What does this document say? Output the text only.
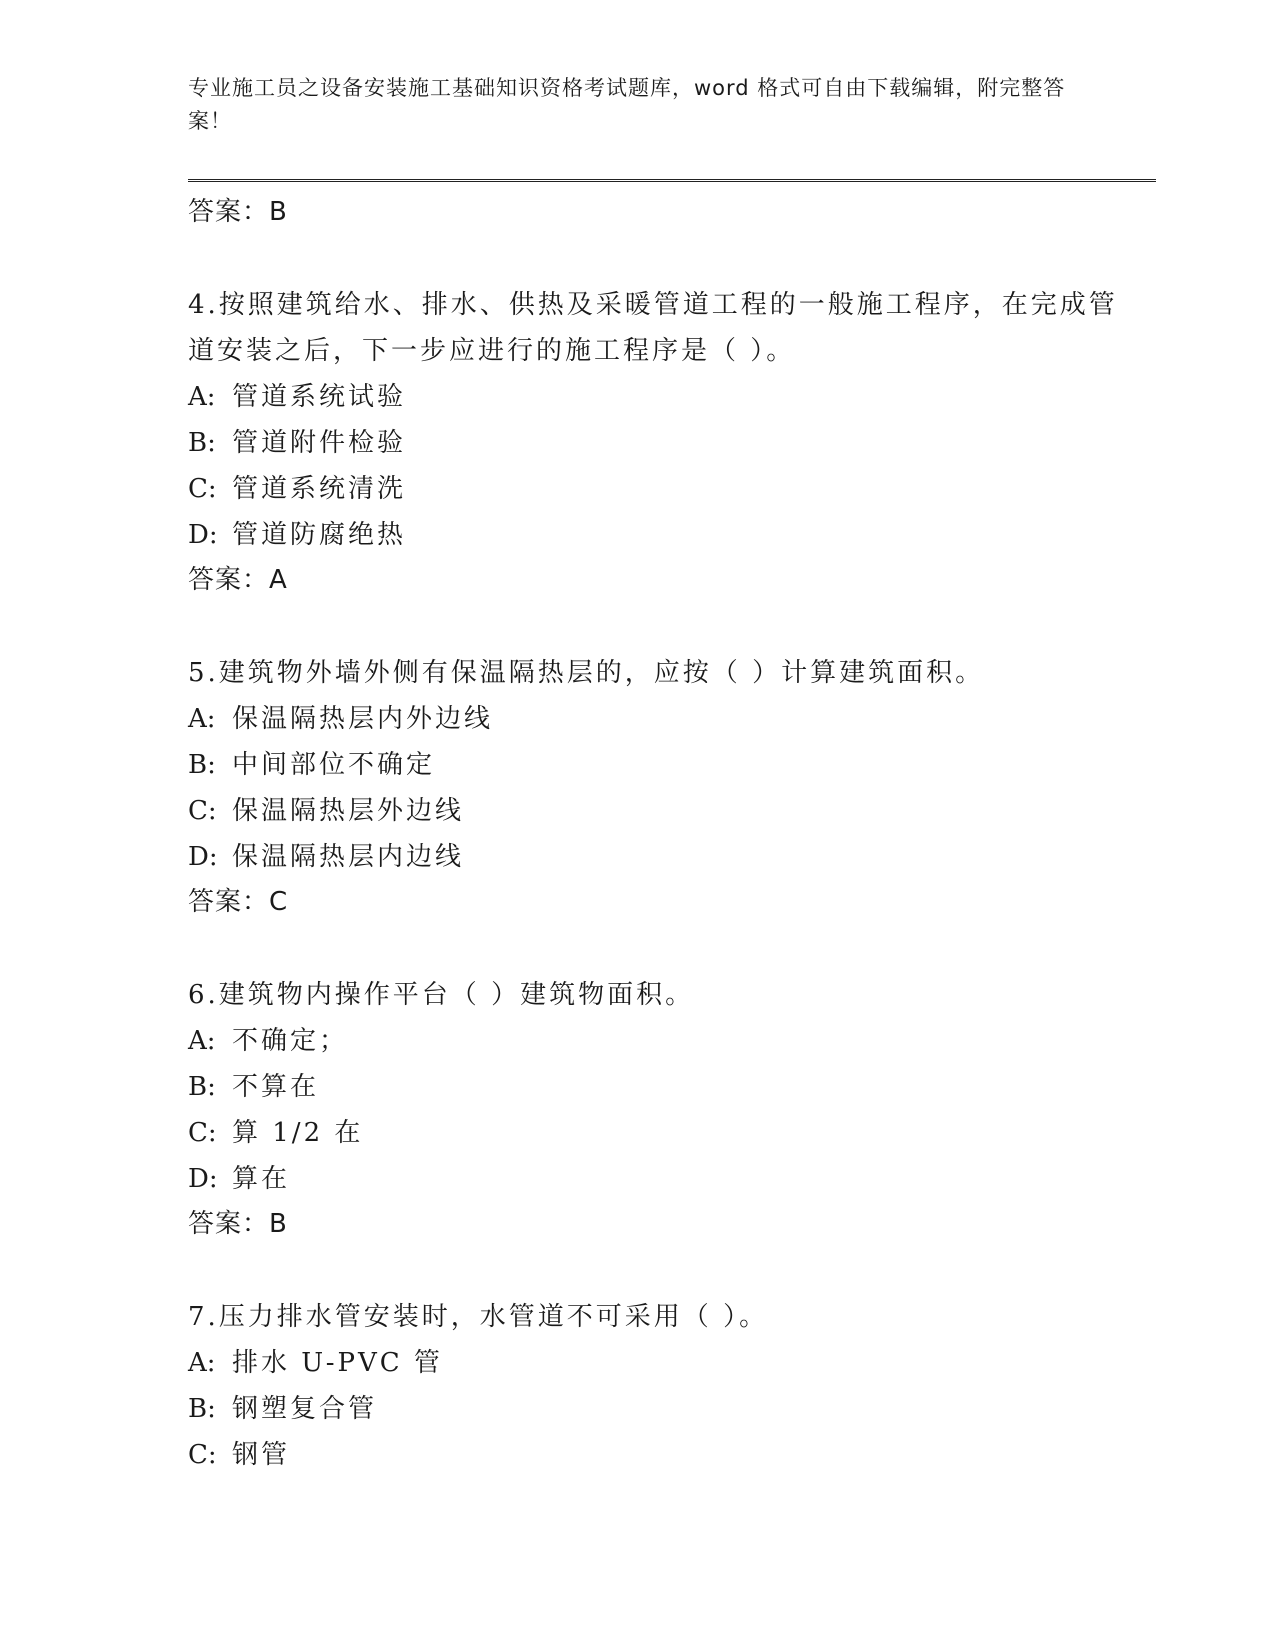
专业施工员之设备安装施工基础知识资格考试题库，word 格式可自由下载编辑，附完整答案！
答案：B
4.按照建筑给水、排水、供热及采暖管道工程的一般施工程序，在完成管道安装之后，下一步应进行的施工程序是（ ）。
A: 管道系统试验
B: 管道附件检验
C: 管道系统清洗
D: 管道防腐绝热
答案：A
5.建筑物外墙外侧有保温隔热层的，应按（ ）计算建筑面积。
A: 保温隔热层内外边线
B: 中间部位不确定
C: 保温隔热层外边线
D: 保温隔热层内边线
答案：C
6.建筑物内操作平台（ ）建筑物面积。
A: 不确定；
B: 不算在
C: 算 1/2 在
D: 算在
答案：B
7.压力排水管安装时，水管道不可采用（ ）。
A: 排水 U-PVC 管
B: 钢塑复合管
C: 钢管
